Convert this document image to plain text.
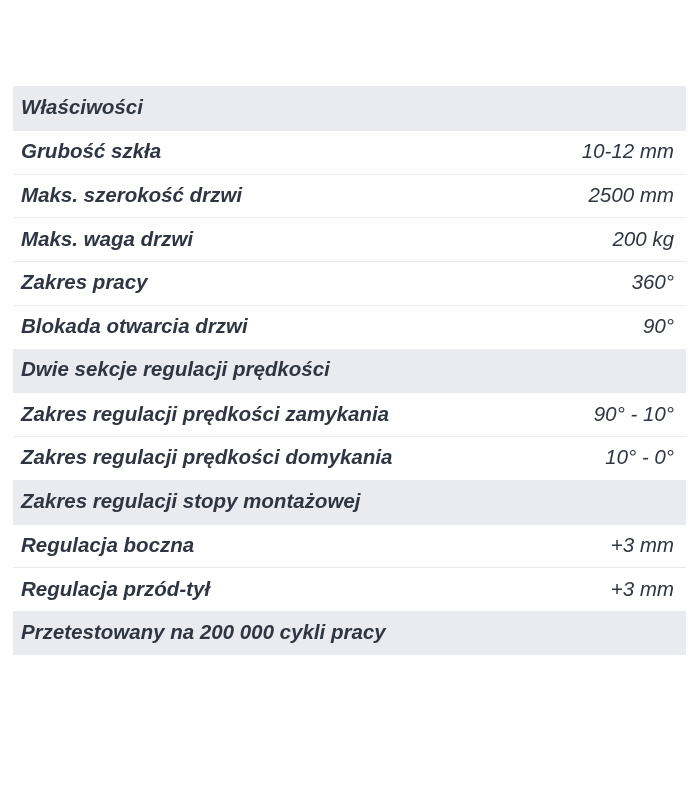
Właściwości
Grubość szkła	10-12 mm
Maks. szerokość drzwi	2500 mm
Maks. waga drzwi	200 kg
Zakres pracy	360°
Blokada otwarcia drzwi	90°
Dwie sekcje regulacji prędkości
Zakres regulacji prędkości zamykania	90° - 10°
Zakres regulacji prędkości domykania	10° - 0°
Zakres regulacji stopy montażowej
Regulacja boczna	+3 mm
Regulacja przód-tył	+3 mm
Przetestowany na 200 000 cykli pracy
